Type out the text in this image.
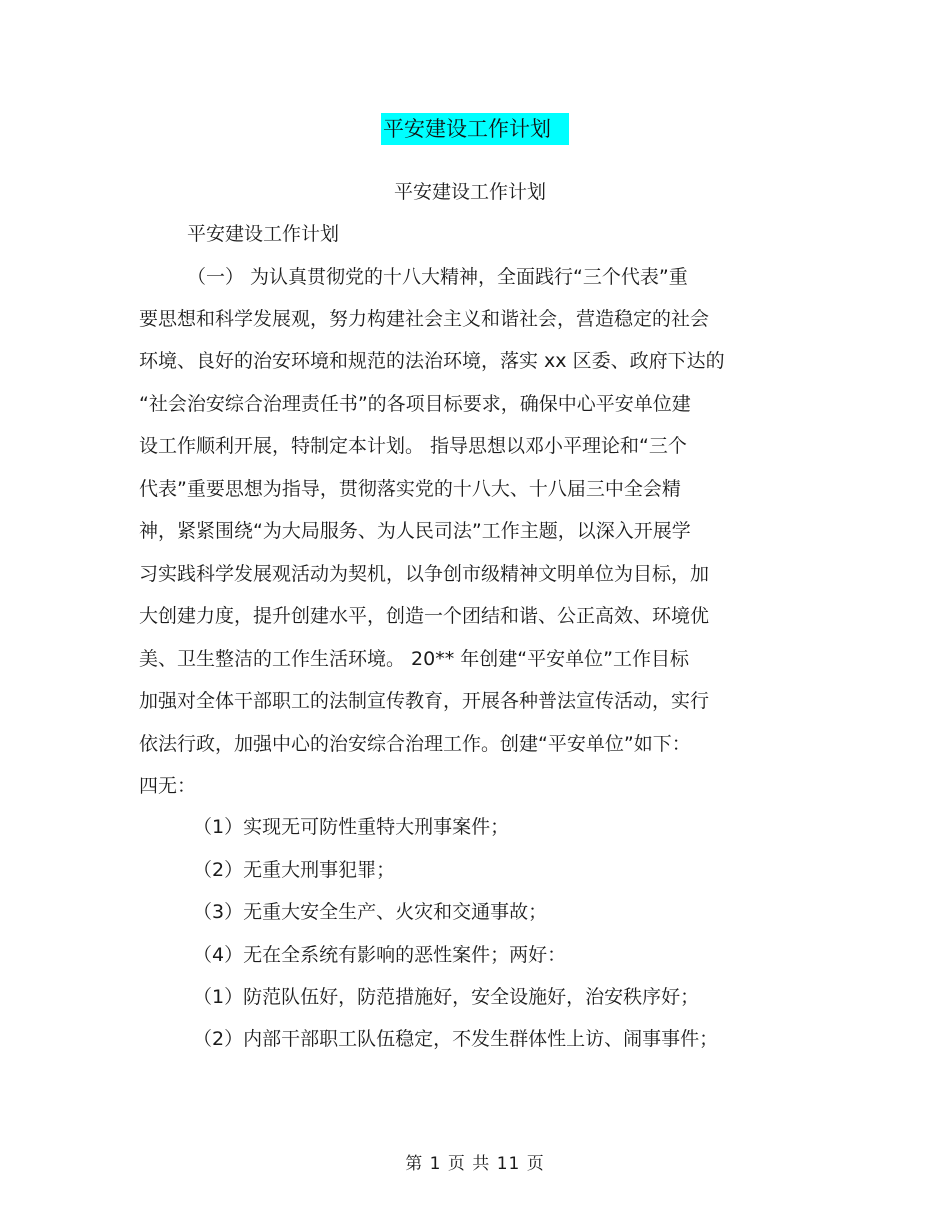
平安建设工作计划
平安建设工作计划
平安建设工作计划
（一） 为认真贯彻党的十八大精神，全面践行“三个代表”重
要思想和科学发展观，努力构建社会主义和谐社会，营造稳定的社会
环境、良好的治安环境和规范的法治环境，落实 xx 区委、政府下达的
“社会治安综合治理责任书”的各项目标要求，确保中心平安单位建
设工作顺利开展，特制定本计划。 指导思想以邓小平理论和“三个
代表”重要思想为指导，贯彻落实党的十八大、十八届三中全会精
神，紧紧围绕“为大局服务、为人民司法”工作主题，以深入开展学
习实践科学发展观活动为契机，以争创市级精神文明单位为目标，加
大创建力度，提升创建水平，创造一个团结和谐、公正高效、环境优
美、卫生整洁的工作生活环境。 20** 年创建“平安单位”工作目标
加强对全体干部职工的法制宣传教育，开展各种普法宣传活动，实行
依法行政，加强中心的治安综合治理工作。创建“平安单位”如下：
四无：
（1）实现无可防性重特大刑事案件；
（2）无重大刑事犯罪；
（3）无重大安全生产、火灾和交通事故；
（4）无在全系统有影响的恶性案件；两好：
（1）防范队伍好，防范措施好，安全设施好，治安秩序好；
（2）内部干部职工队伍稳定，不发生群体性上访、闹事事件；
第 1 页 共 11 页
